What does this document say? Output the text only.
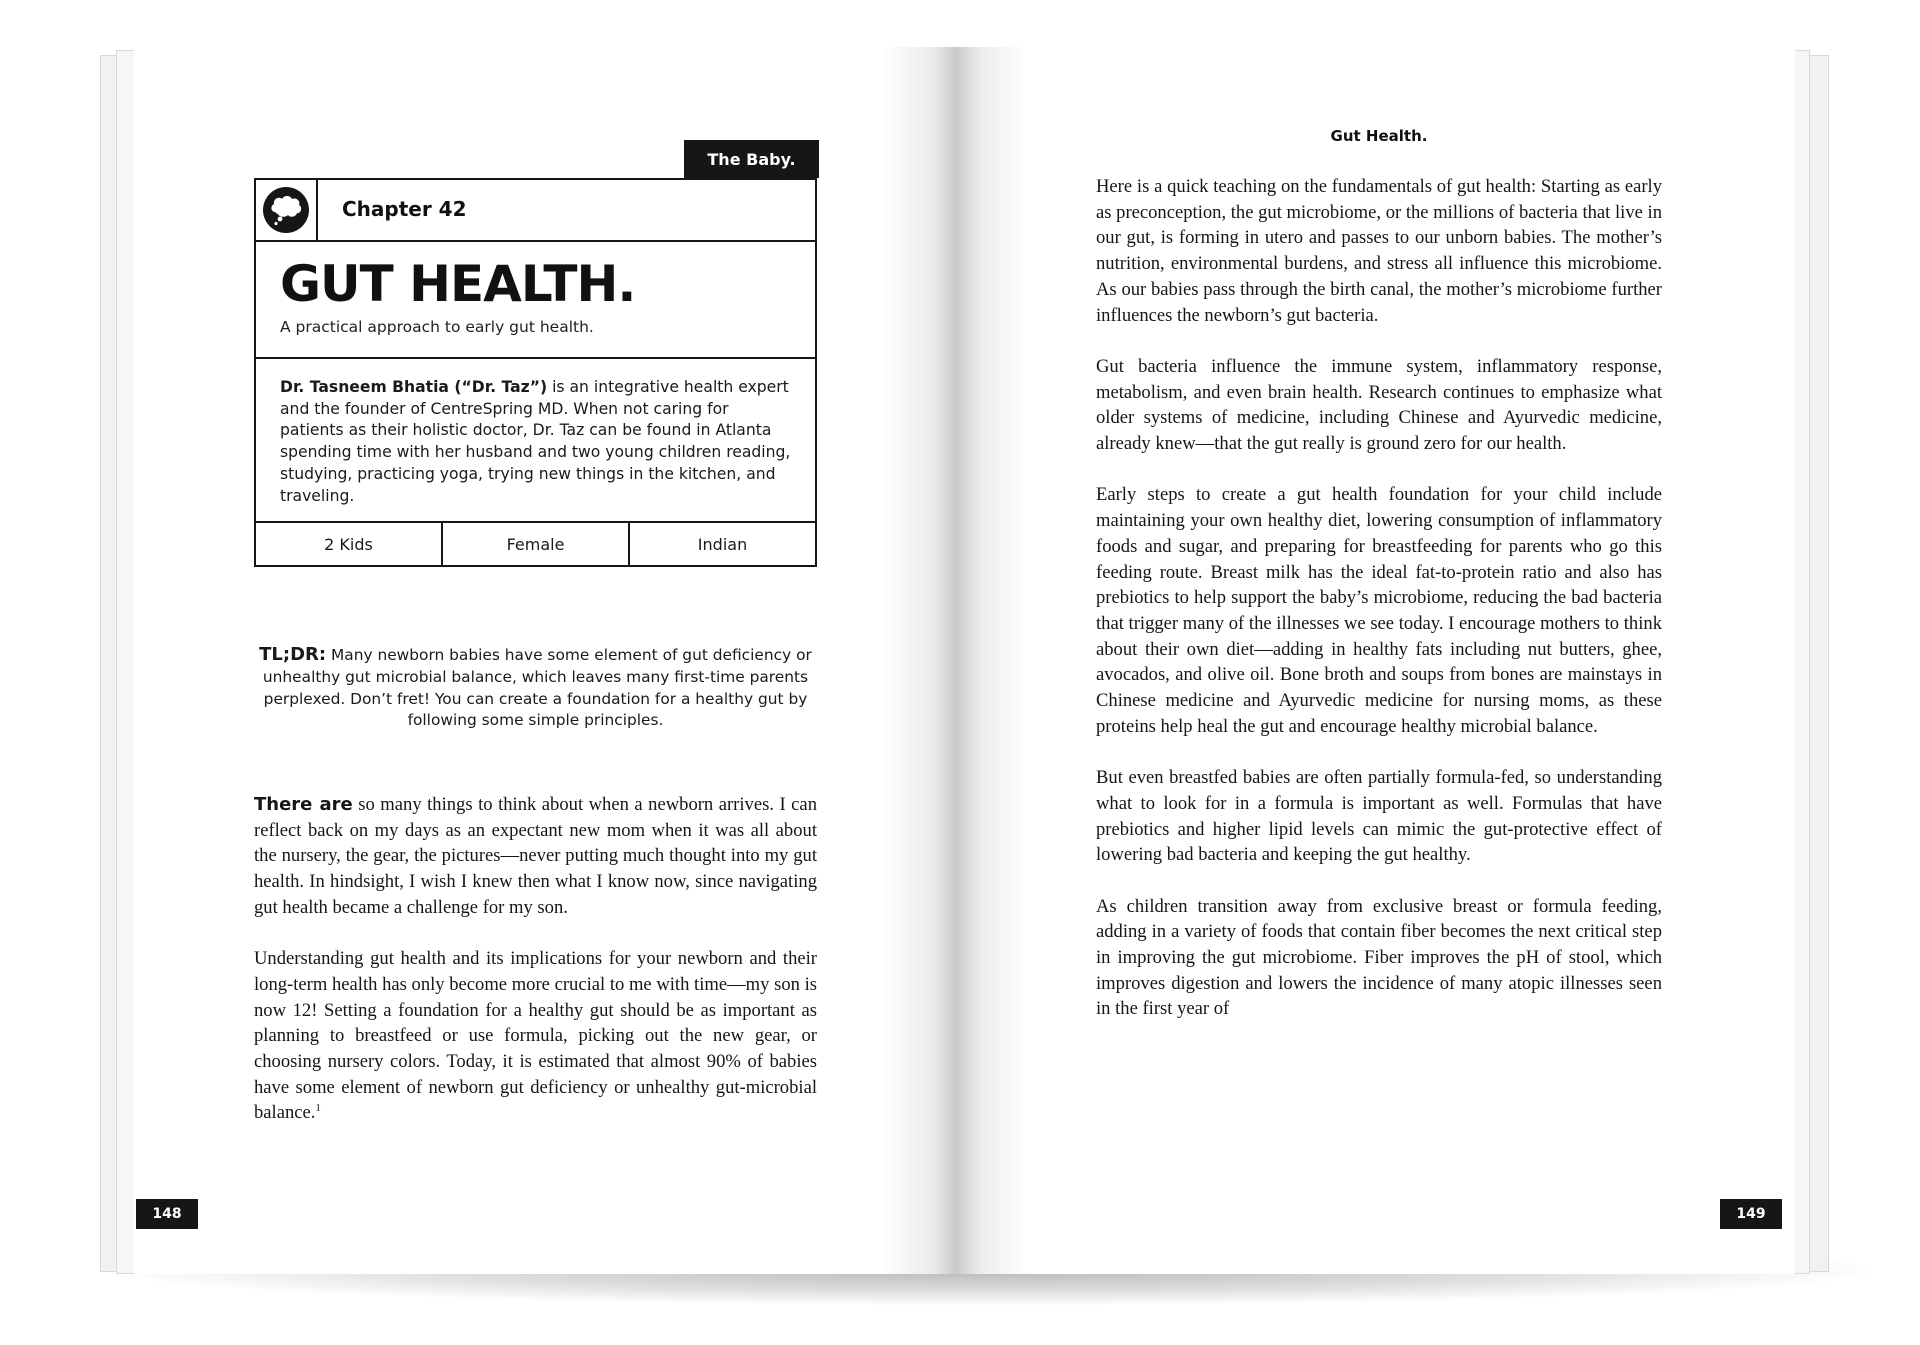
The Baby.
Chapter 42
GUT HEALTH.
A practical approach to early gut health.
Dr. Tasneem Bhatia (“Dr. Taz”) is an integrative health expert and the founder of CentreSpring MD. When not caring for patients as their holistic doctor, Dr. Taz can be found in Atlanta spending time with her husband and two young children reading, studying, practicing yoga, trying new things in the kitchen, and traveling.
2 Kids	Female	Indian
TL;DR: Many newborn babies have some element of gut deficiency or unhealthy gut microbial balance, which leaves many first-time parents perplexed. Don’t fret! You can create a foundation for a healthy gut by following some simple principles.

There are so many things to think about when a newborn arrives. I can reflect back on my days as an expectant new mom when it was all about the nursery, the gear, the pictures—never putting much thought into my gut health. In hindsight, I wish I knew then what I know now, since navigating gut health became a challenge for my son.

Understanding gut health and its implications for your newborn and their long-term health has only become more crucial to me with time—my son is now 12! Setting a foundation for a healthy gut should be as important as planning to breastfeed or use formula, picking out the new gear, or choosing nursery colors. Today, it is estimated that almost 90% of babies have some element of newborn gut deficiency or unhealthy gut-microbial balance.$^1$

148
Gut Health.

Here is a quick teaching on the fundamentals of gut health: Starting as early as preconception, the gut microbiome, or the millions of bacteria that live in our gut, is forming in utero and passes to our unborn babies. The mother’s nutrition, environmental burdens, and stress all influence this microbiome. As our babies pass through the birth canal, the mother’s microbiome further influences the newborn’s gut bacteria.

Gut bacteria influence the immune system, inflammatory response, metabolism, and even brain health. Research continues to emphasize what older systems of medicine, including Chinese and Ayurvedic medicine, already knew—that the gut really is ground zero for our health.

Early steps to create a gut health foundation for your child include maintaining your own healthy diet, lowering consumption of inflammatory foods and sugar, and preparing for breastfeeding for parents who go this feeding route. Breast milk has the ideal fat-to-protein ratio and also has prebiotics to help support the baby’s microbiome, reducing the bad bacteria that trigger many of the illnesses we see today. I encourage mothers to think about their own diet—adding in healthy fats including nut butters, ghee, avocados, and olive oil. Bone broth and soups from bones are mainstays in Chinese medicine and Ayurvedic medicine for nursing moms, as these proteins help heal the gut and encourage healthy microbial balance.

But even breastfed babies are often partially formula-fed, so understanding what to look for in a formula is important as well. Formulas that have prebiotics and higher lipid levels can mimic the gut-protective effect of lowering bad bacteria and keeping the gut healthy.

As children transition away from exclusive breast or formula feeding, adding in a variety of foods that contain fiber becomes the next critical step in improving the gut microbiome. Fiber improves the pH of stool, which improves digestion and lowers the incidence of many atopic illnesses seen in the first year of

149
